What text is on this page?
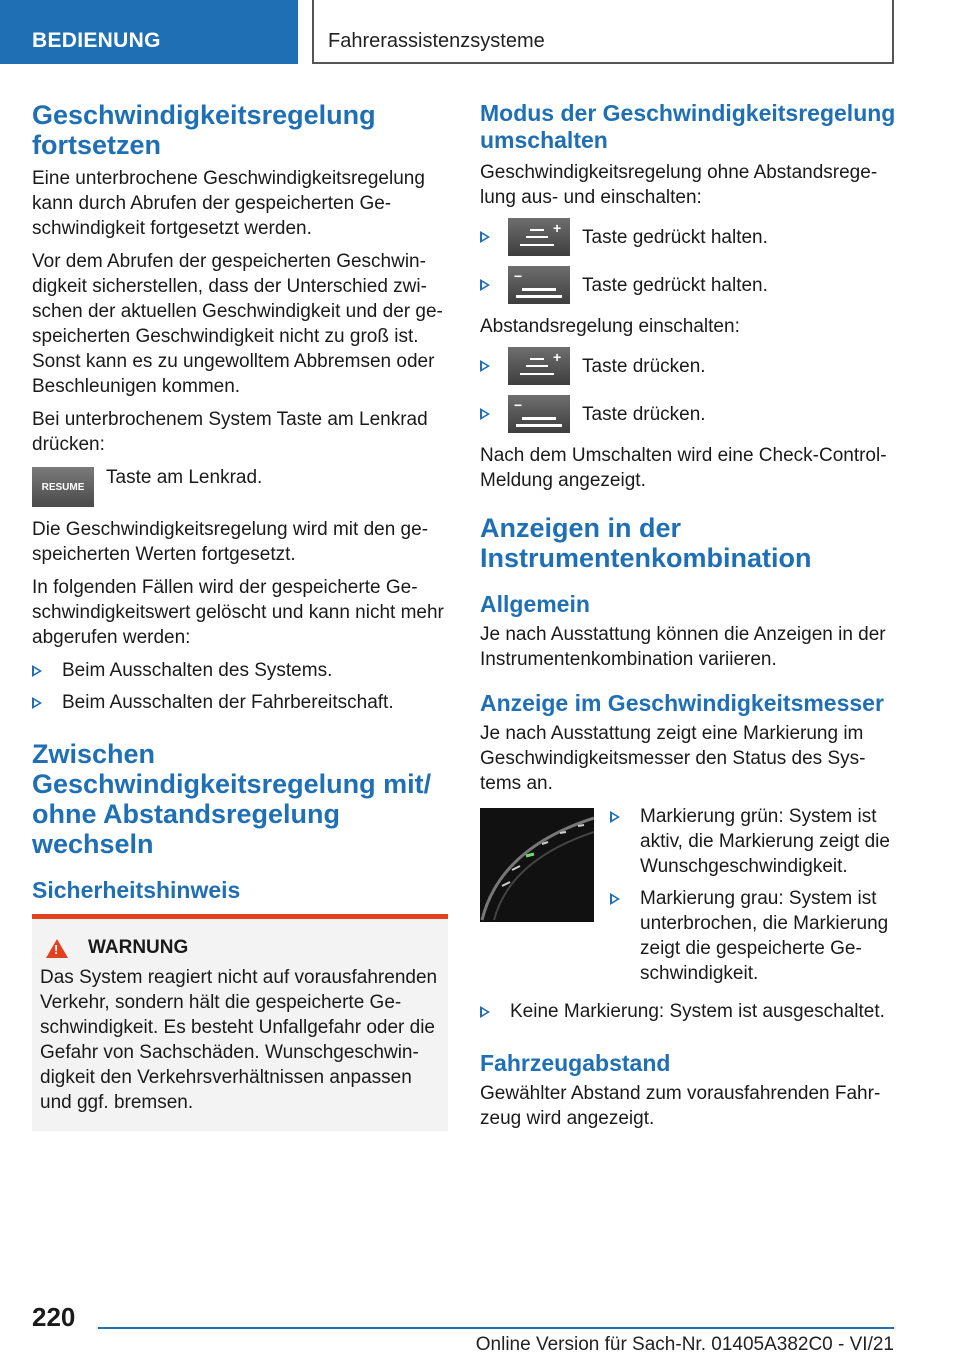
BEDIENUNG	Fahrerassistenzsysteme
Geschwindigkeitsregelung fortsetzen

Eine unterbrochene Geschwindigkeitsregelung kann durch Abrufen der gespeicherten Geschwindigkeit fortgesetzt werden.

Vor dem Abrufen der gespeicherten Geschwindigkeit sicherstellen, dass der Unterschied zwischen der aktuellen Geschwindigkeit und der gespeicherten Geschwindigkeit nicht zu groß ist. Sonst kann es zu ungewolltem Abbremsen oder Beschleunigen kommen.

Bei unterbrochenem System Taste am Lenkrad drücken:

RESUME	Taste am Lenkrad.

Die Geschwindigkeitsregelung wird mit den gespeicherten Werten fortgesetzt.

In folgenden Fällen wird der gespeicherte Geschwindigkeitswert gelöscht und kann nicht mehr abgerufen werden:

Beim Ausschalten des Systems.
Beim Ausschalten der Fahrbereitschaft.
Zwischen Geschwindigkeitsregelung mit/ ohne Abstandsregelung wechseln
Sicherheitshinweis
!
WARNUNG

Das System reagiert nicht auf vorausfahrenden Verkehr, sondern hält die gespeicherte Geschwindigkeit. Es besteht Unfallgefahr oder die Gefahr von Sachschäden. Wunschgeschwindigkeit den Verkehrsverhältnissen anpassen und ggf. bremsen.

Modus der Geschwindigkeitsregelung umschalten

Geschwindigkeitsregelung ohne Abstandsregelung aus- und einschalten:

+ Taste gedrückt halten.

−	Taste gedrückt halten.

Abstandsregelung einschalten:

+ Taste drücken.

−	Taste drücken.

Nach dem Umschalten wird eine Check-Control-Meldung angezeigt.

Anzeigen in der Instrumentenkombination
Allgemein

Je nach Ausstattung können die Anzeigen in der Instrumentenkombination variieren.

Anzeige im Geschwindigkeitsmesser

Je nach Ausstattung zeigt eine Markierung im Geschwindigkeitsmesser den Status des Systems an.

Markierung grün: System ist aktiv, die Markierung zeigt die Wunschgeschwindigkeit.
Markierung grau: System ist unterbrochen, die Markierung zeigt die gespeicherte Geschwindigkeit.
Keine Markierung: System ist ausgeschaltet.
Fahrzeugabstand

Gewählter Abstand zum vorausfahrenden Fahrzeug wird angezeigt.

220
Online Version für Sach-Nr. 01405A382C0 - VI/21
